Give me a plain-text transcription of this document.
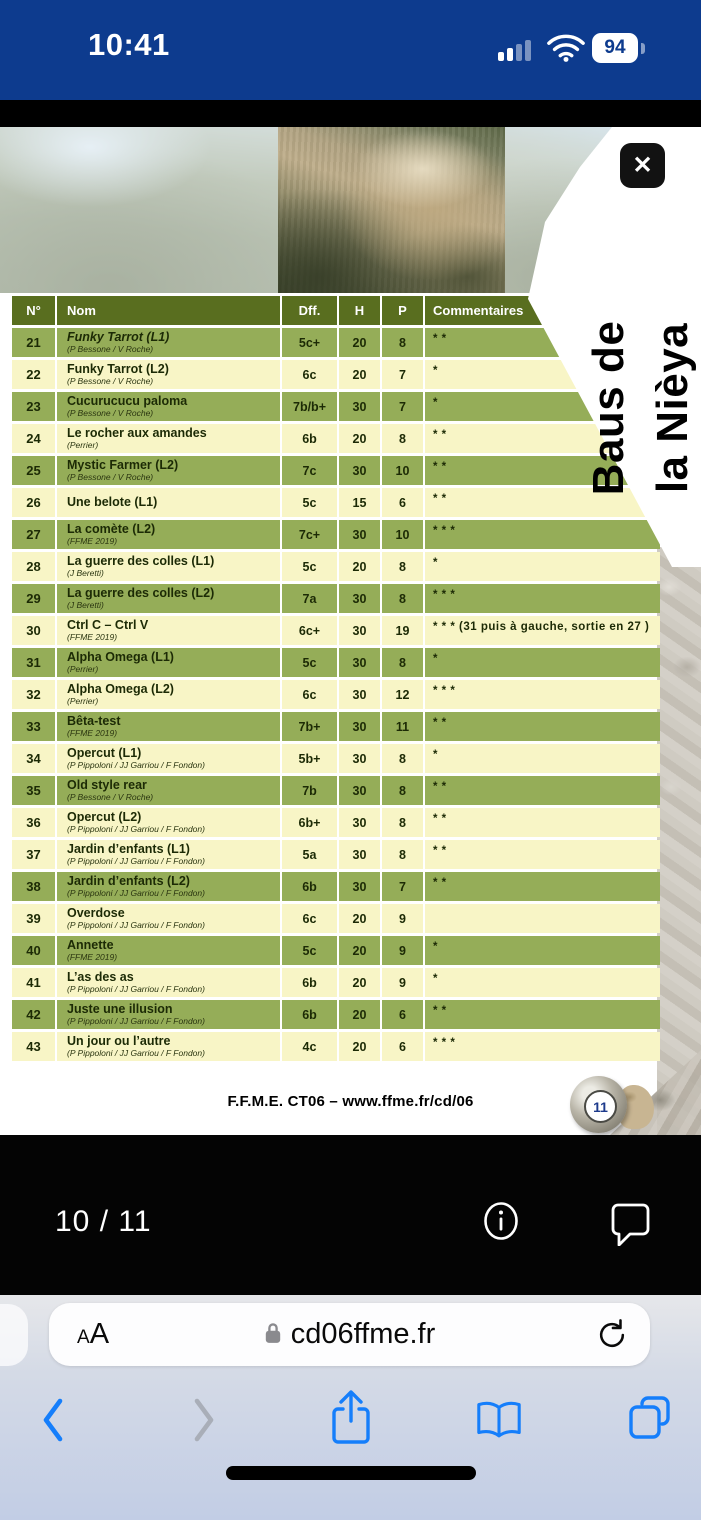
10:41	94
Baus de la Nièya
✕
N°	Nom	Dff.	H	P	Commentaires
21	Funky Tarrot (L1)
(P Bessone / V Roche)	5c+	20	8	* *
22	Funky Tarrot (L2)
(P Bessone / V Roche)	6c	20	7	*
23	Cucurucucu paloma
(P Bessone / V Roche)	7b/b+	30	7	*
24	Le rocher aux amandes
(Perrier)	6b	20	8	* *
25	Mystic Farmer (L2)
(P Bessone / V Roche)	7c	30	10	* *
26	Une belote (L1)	5c	15	6	* *
27	La comète (L2)
(FFME 2019)	7c+	30	10	* * *
28	La guerre des colles (L1)
(J Beretti)	5c	20	8	*
29	La guerre des colles (L2)
(J Beretti)	7a	30	8	* * *
30	Ctrl C – Ctrl V
(FFME 2019)	6c+	30	19	* * * (31 puis à gauche, sortie en 27 )
31	Alpha Omega (L1)
(Perrier)	5c	30	8	*
32	Alpha Omega (L2)
(Perrier)	6c	30	12	* * *
33	Bêta-test
(FFME 2019)	7b+	30	11	* *
34	Opercut (L1)
(P Pippoloni / JJ Garriou / F Fondon)	5b+	30	8	*
35	Old style rear
(P Bessone / V Roche)	7b	30	8	* *
36	Opercut (L2)
(P Pippoloni / JJ Garriou / F Fondon)	6b+	30	8	* *
37	Jardin d’enfants (L1)
(P Pippoloni / JJ Garriou / F Fondon)	5a	30	8	* *
38	Jardin d’enfants (L2)
(P Pippoloni / JJ Garriou / F Fondon)	6b	30	7	* *
39	Overdose
(P Pippoloni / JJ Garriou / F Fondon)	6c	20	9
40	Annette
(FFME 2019)	5c	20	9	*
41	L’as des as
(P Pippoloni / JJ Garriou / F Fondon)	6b	20	9	*
42	Juste une illusion
(P Pippoloni / JJ Garriou / F Fondon)	6b	20	6	* *
43	Un jour ou l’autre
(P Pippoloni / JJ Garriou / F Fondon)	4c	20	6	* * *
F.F.M.E. CT06 – www.ffme.fr/cd/06	11
10 / 11
A A	cd06ffme.fr
